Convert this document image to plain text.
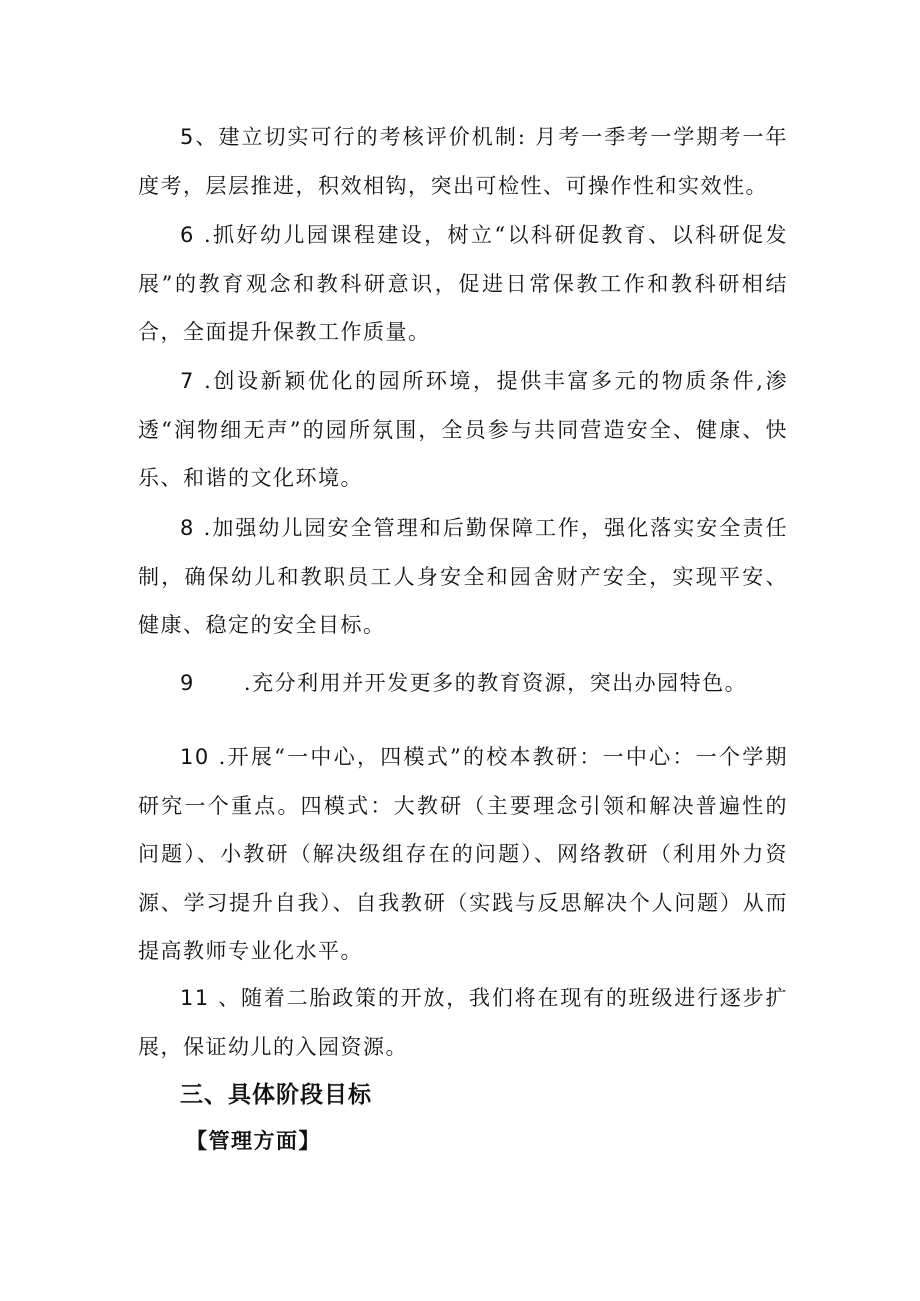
5、建立切实可行的考核评价机制: 月考一季考一学期考一年度考，层层推进，积效相钩，突出可检性、可操作性和实效性。

6 .抓好幼儿园课程建设，树立“以科研促教育、以科研促发展”的教育观念和教科研意识，促进日常保教工作和教科研相结合，全面提升保教工作质量。

7 .创设新颖优化的园所环境，提供丰富多元的物质条件,渗透“润物细无声”的园所氛围，全员参与共同营造安全、健康、快乐、和谐的文化环境。

8 .加强幼儿园安全管理和后勤保障工作，强化落实安全责任制，确保幼儿和教职员工人身安全和园舍财产安全，实现平安、健康、稳定的安全目标。

9      .充分利用并开发更多的教育资源，突出办园特色。

10 .开展“一中心，四模式”的校本教研：一中心：一个学期研究一个重点。四模式：大教研（主要理念引领和解决普遍性的问题）、小教研（解决级组存在的问题）、网络教研（利用外力资源、学习提升自我）、自我教研（实践与反思解决个人问题）从而提高教师专业化水平。

11 、随着二胎政策的开放，我们将在现有的班级进行逐步扩展，保证幼儿的入园资源。

三、具体阶段目标
【管理方面】
